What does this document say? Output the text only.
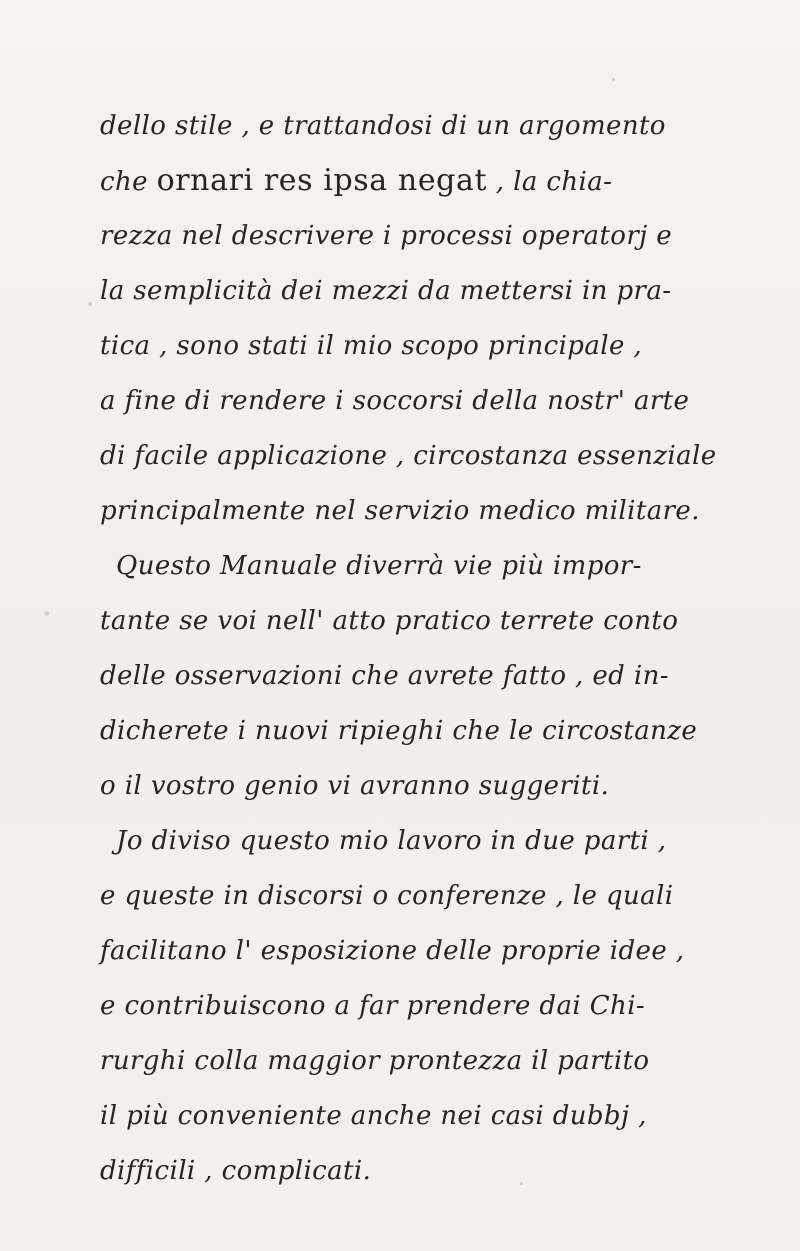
dello stile , e trattandosi di un argomento
che ornari res ipsa negat , la chia-
rezza nel descrivere i processi operatorj e
la semplicità dei mezzi da mettersi in pra-
tica , sono stati il mio scopo principale ,
a fine di rendere i soccorsi della nostr' arte
di facile applicazione , circostanza essenziale
principalmente nel servizio medico militare.
Questo Manuale diverrà vie più impor-
tante se voi nell' atto pratico terrete conto
delle osservazioni che avrete fatto , ed in-
dicherete i nuovi ripieghi che le circostanze
o il vostro genio vi avranno suggeriti.
Jo diviso questo mio lavoro in due parti ,
e queste in discorsi o conferenze , le quali
facilitano l' esposizione delle proprie idee ,
e contribuiscono a far prendere dai Chi-
rurghi colla maggior prontezza il partito
il più conveniente anche nei casi dubbj ,
difficili , complicati.
